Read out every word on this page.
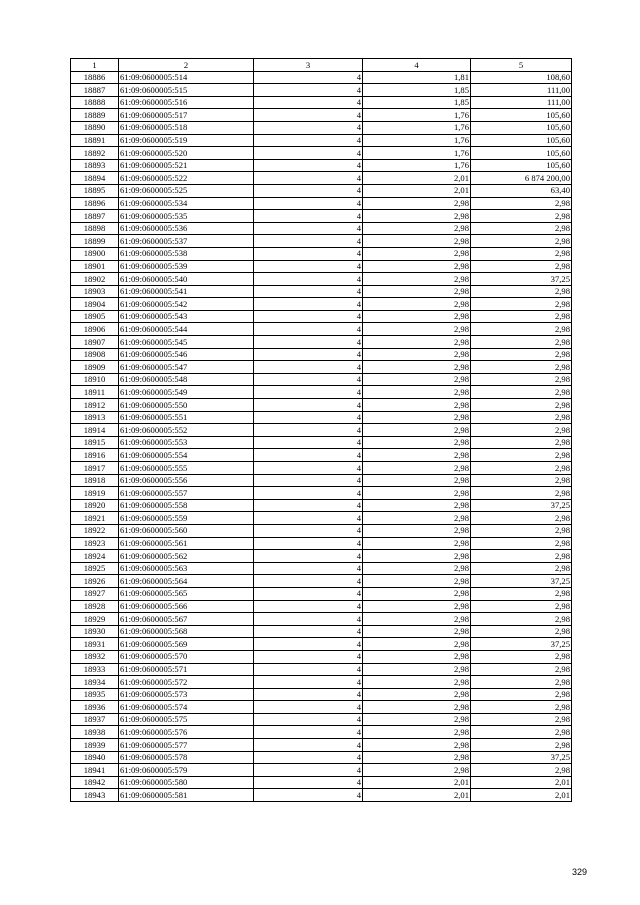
1	2	3	4	5
18886	61:09:0600005:514	4	1,81	108,60
18887	61:09:0600005:515	4	1,85	111,00
18888	61:09:0600005:516	4	1,85	111,00
18889	61:09:0600005:517	4	1,76	105,60
18890	61:09:0600005:518	4	1,76	105,60
18891	61:09:0600005:519	4	1,76	105,60
18892	61:09:0600005:520	4	1,76	105,60
18893	61:09:0600005:521	4	1,76	105,60
18894	61:09:0600005:522	4	2,01	6 874 200,00
18895	61:09:0600005:525	4	2,01	63,40
18896	61:09:0600005:534	4	2,98	2,98
18897	61:09:0600005:535	4	2,98	2,98
18898	61:09:0600005:536	4	2,98	2,98
18899	61:09:0600005:537	4	2,98	2,98
18900	61:09:0600005:538	4	2,98	2,98
18901	61:09:0600005:539	4	2,98	2,98
18902	61:09:0600005:540	4	2,98	37,25
18903	61:09:0600005:541	4	2,98	2,98
18904	61:09:0600005:542	4	2,98	2,98
18905	61:09:0600005:543	4	2,98	2,98
18906	61:09:0600005:544	4	2,98	2,98
18907	61:09:0600005:545	4	2,98	2,98
18908	61:09:0600005:546	4	2,98	2,98
18909	61:09:0600005:547	4	2,98	2,98
18910	61:09:0600005:548	4	2,98	2,98
18911	61:09:0600005:549	4	2,98	2,98
18912	61:09:0600005:550	4	2,98	2,98
18913	61:09:0600005:551	4	2,98	2,98
18914	61:09:0600005:552	4	2,98	2,98
18915	61:09:0600005:553	4	2,98	2,98
18916	61:09:0600005:554	4	2,98	2,98
18917	61:09:0600005:555	4	2,98	2,98
18918	61:09:0600005:556	4	2,98	2,98
18919	61:09:0600005:557	4	2,98	2,98
18920	61:09:0600005:558	4	2,98	37,25
18921	61:09:0600005:559	4	2,98	2,98
18922	61:09:0600005:560	4	2,98	2,98
18923	61:09:0600005:561	4	2,98	2,98
18924	61:09:0600005:562	4	2,98	2,98
18925	61:09:0600005:563	4	2,98	2,98
18926	61:09:0600005:564	4	2,98	37,25
18927	61:09:0600005:565	4	2,98	2,98
18928	61:09:0600005:566	4	2,98	2,98
18929	61:09:0600005:567	4	2,98	2,98
18930	61:09:0600005:568	4	2,98	2,98
18931	61:09:0600005:569	4	2,98	37,25
18932	61:09:0600005:570	4	2,98	2,98
18933	61:09:0600005:571	4	2,98	2,98
18934	61:09:0600005:572	4	2,98	2,98
18935	61:09:0600005:573	4	2,98	2,98
18936	61:09:0600005:574	4	2,98	2,98
18937	61:09:0600005:575	4	2,98	2,98
18938	61:09:0600005:576	4	2,98	2,98
18939	61:09:0600005:577	4	2,98	2,98
18940	61:09:0600005:578	4	2,98	37,25
18941	61:09:0600005:579	4	2,98	2,98
18942	61:09:0600005:580	4	2,01	2,01
18943	61:09:0600005:581	4	2,01	2,01
329
